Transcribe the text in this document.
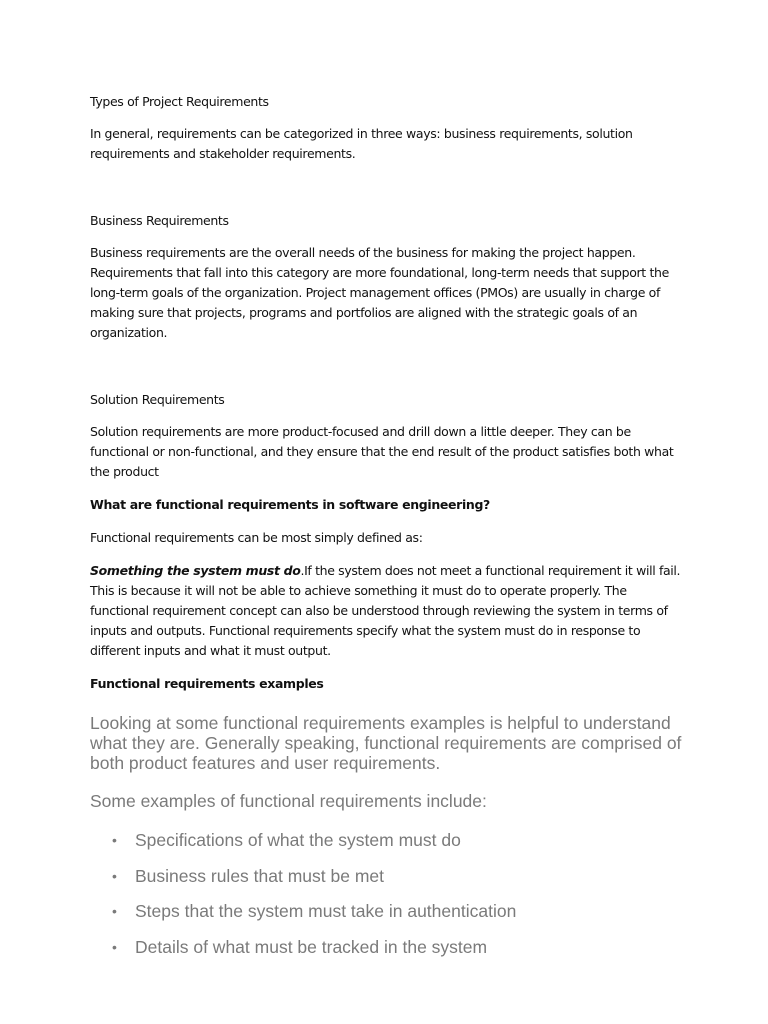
Types of Project Requirements

In general, requirements can be categorized in three ways: business requirements, solution requirements and stakeholder requirements.

Business Requirements

Business requirements are the overall needs of the business for making the project happen. Requirements that fall into this category are more foundational, long-term needs that support the long-term goals of the organization. Project management offices (PMOs) are usually in charge of making sure that projects, programs and portfolios are aligned with the strategic goals of an organization.

Solution Requirements

Solution requirements are more product-focused and drill down a little deeper. They can be functional or non-functional, and they ensure that the end result of the product satisfies both what the product

What are functional requirements in software engineering?

Functional requirements can be most simply defined as:

Something the system must do.If the system does not meet a functional requirement it will fail. This is because it will not be able to achieve something it must do to operate properly. The functional requirement concept can also be understood through reviewing the system in terms of inputs and outputs. Functional requirements specify what the system must do in response to different inputs and what it must output.

Functional requirements examples

Looking at some functional requirements examples is helpful to understand what they are. Generally speaking, functional requirements are comprised of both product features and user requirements.

Some examples of functional requirements include:

• Specifications of what the system must do
• Business rules that must be met
• Steps that the system must take in authentication
• Details of what must be tracked in the system
